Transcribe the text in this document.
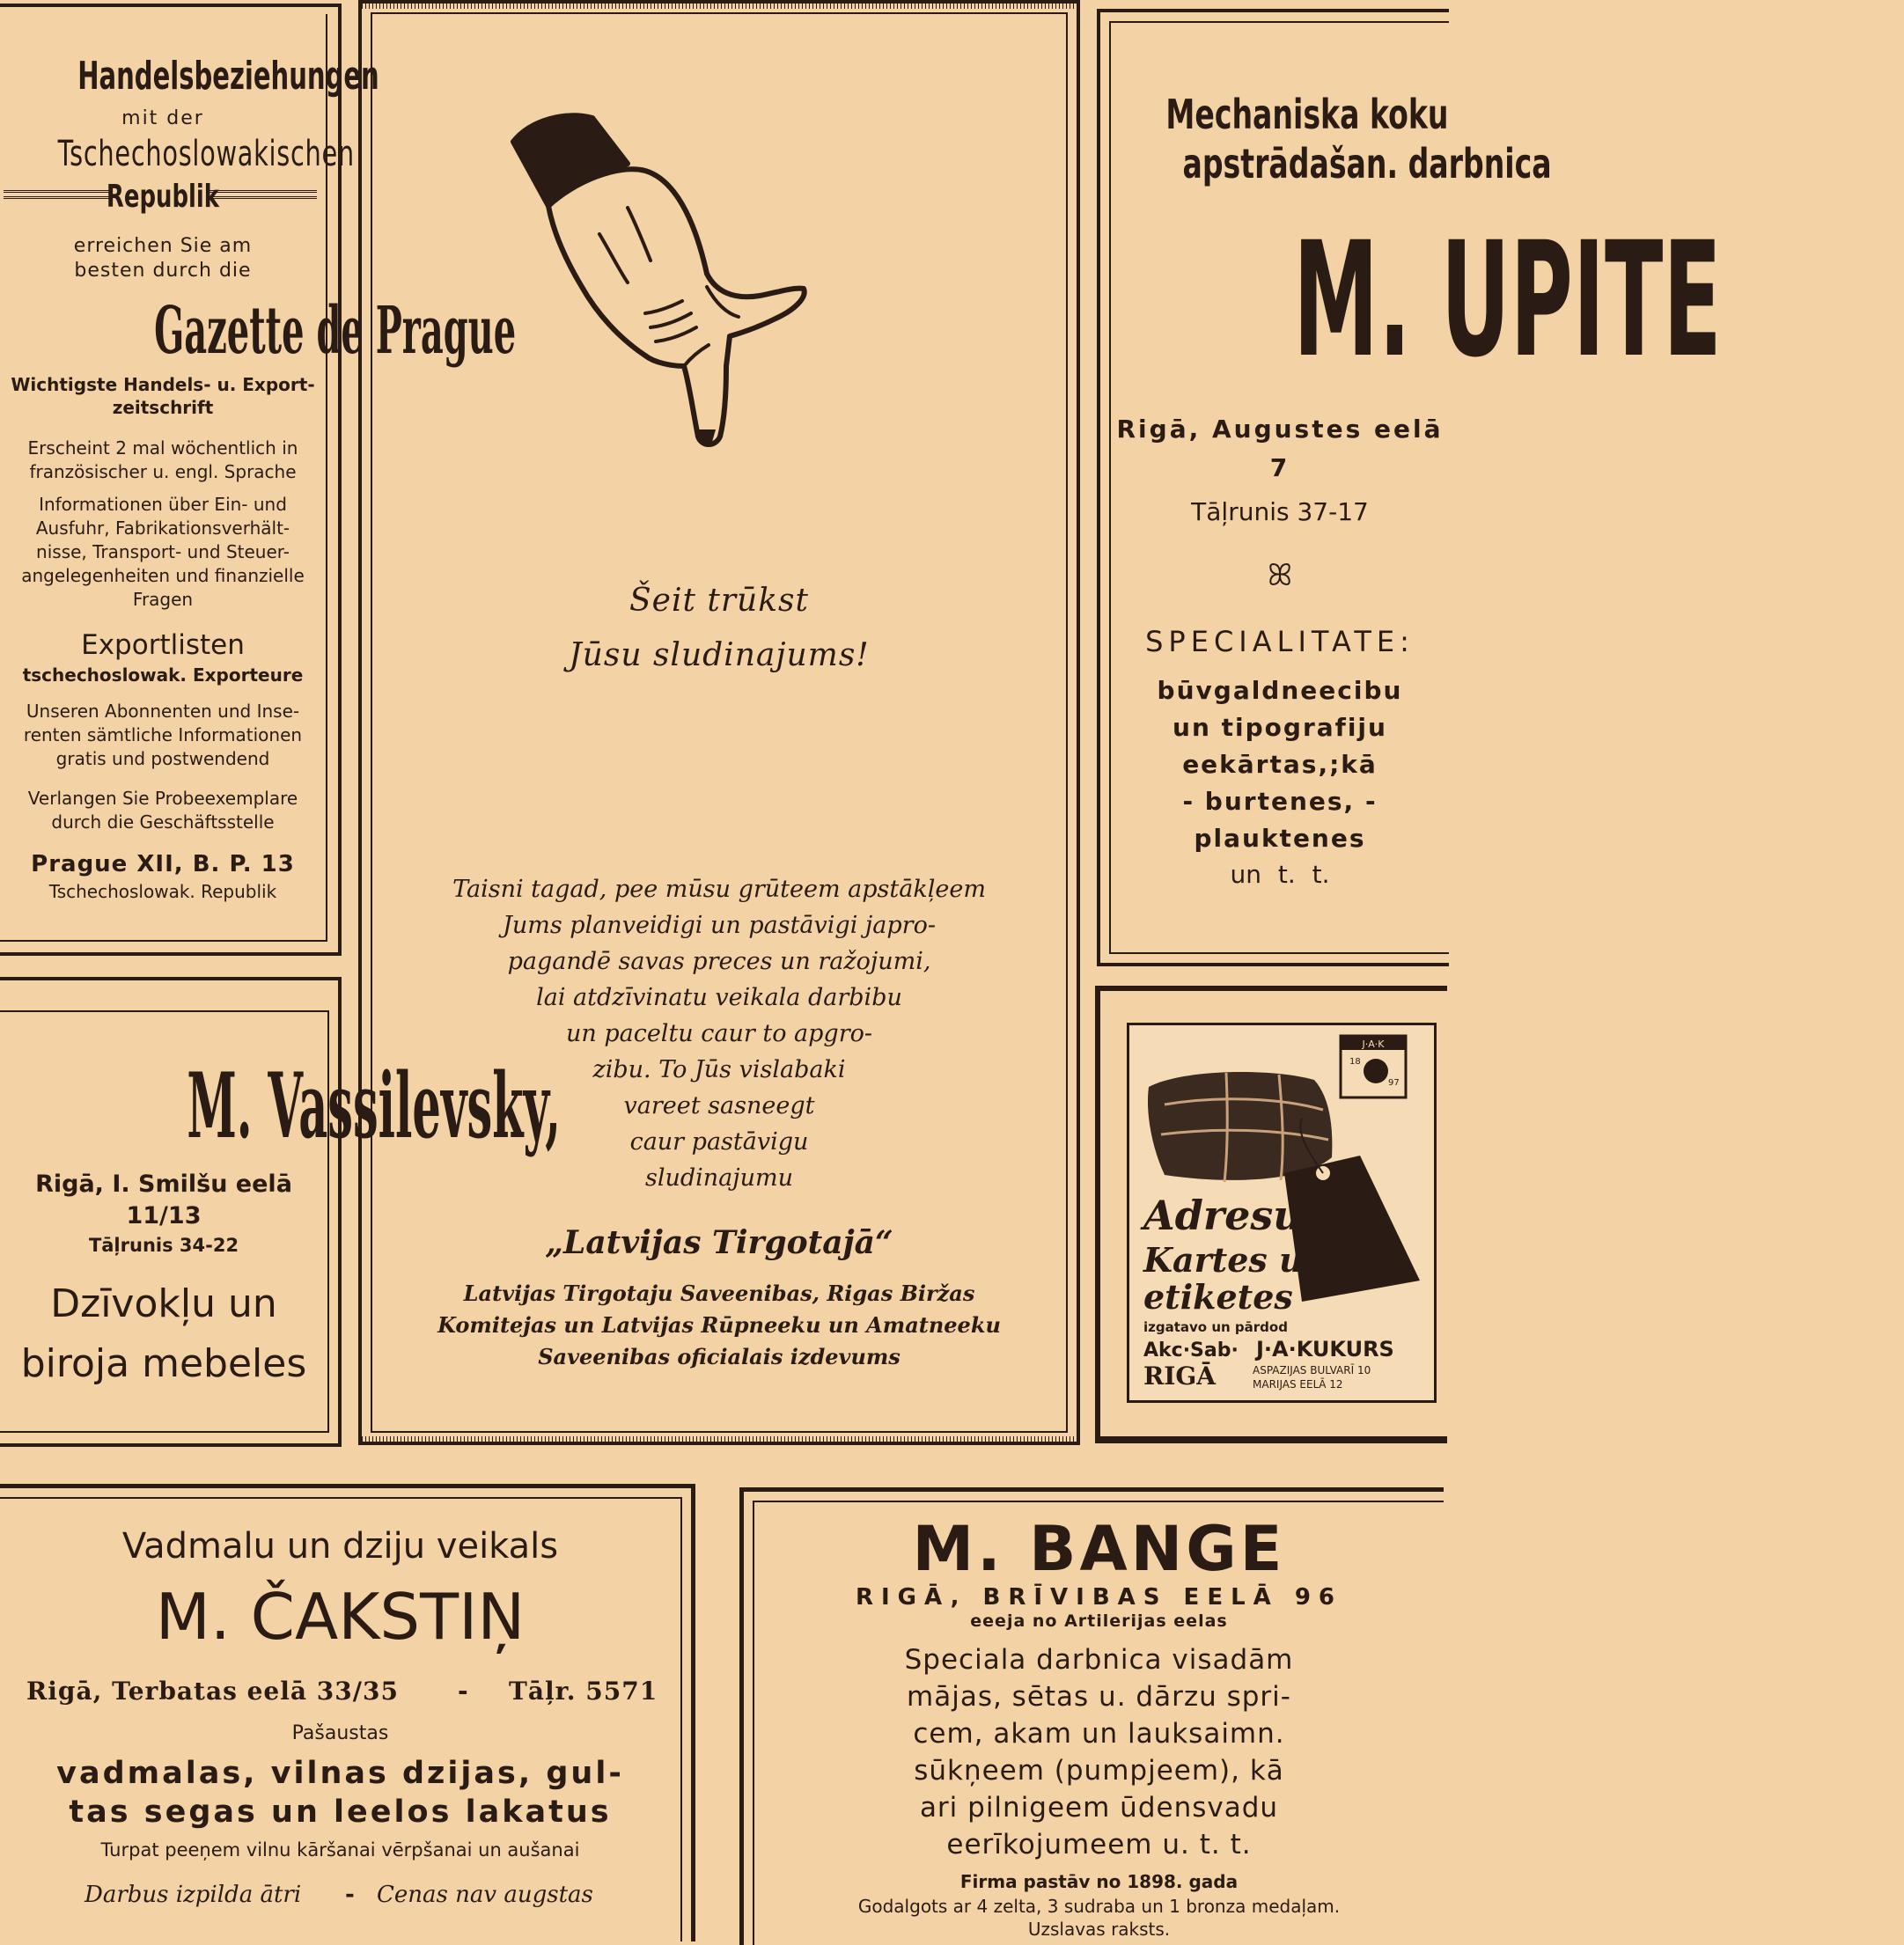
Handelsbeziehungen
mit der
Tschechoslowakischen
Republik
erreichen Sie am
besten durch die
Gazette de Prague
Wichtigste Handels- u. Export-
zeitschrift
Erscheint 2 mal wöchentlich in
französischer u. engl. Sprache
Informationen über Ein- und
Ausfuhr, Fabrikationsverhält-
nisse, Transport- und Steuer-
angelegenheiten und finanzielle
Fragen
Exportlisten
tschechoslowak. Exporteure
Unseren Abonnenten und Inse-
renten sämtliche Informationen
gratis und postwendend
Verlangen Sie Probeexemplare
durch die Geschäftsstelle
Prague XII, B. P. 13
Tschechoslowak. Republik
M. Vassilevsky,
Rigā, I. Smilšu eelā 11/13
Tāļrunis 34-22
Dzīvokļu un
biroja mebeles
Šeit trūkst
Jūsu sludinajums!
Taisni tagad, pee mūsu grūteem apstākļeem
Jums planveidigi un pastāvigi japro-
pagandē savas preces un ražojumi,
lai atdzīvinatu veikala darbibu
un paceltu caur to apgro-
zibu. To Jūs vislabaki
vareet sasneegt
caur pastāvigu
sludinajumu
„Latvijas Tirgotajā“
Latvijas Tirgotaju Saveenibas, Rigas Biržas
Komitejas un Latvijas Rūpneeku un Amatneeku
Saveenibas oficialais izdevums
Mechaniska koku
apstrādašan. darbnica
M. UPITE
Rigā, Augustes eelā 7
Tāļrunis 37-17
ꕤ
SPECIALITATE:
būvgaldneecibu
un tipografiju
eekārtas,;kā
- burtenes, -
plauktenes
un t. t.
J·A·K
18
97
Adresu
Kartes un
etiketes
izgatavo un pārdod
Akc·Sab· J·A·KUKURS
RIGĀ	ASPAZIJAS BULVARĪ 10
MARIJAS EELĀ 12
Vadmalu un dziju veikals
M. ČAKSTIŅ
Rigā, Terbatas eelā 33/35 - Tāļr. 5571
Pašaustas
vadmalas, vilnas dzijas, gul-
tas segas un leelos lakatus
Turpat peeņem vilnu kāršanai vērpšanai un aušanai
Darbus izpilda ātri - Cenas nav augstas
M. BANGE
RIGĀ, BRĪVIBAS EELĀ 96
eeeja no Artilerijas eelas
Speciala darbnica visadām
mājas, sētas u. dārzu spri-
cem, akam un lauksaimn.
sūkņeem (pumpjeem), kā
ari pilnigeem ūdensvadu
eerīkojumeem u. t. t.
Firma pastāv no 1898. gada
Godalgots ar 4 zelta, 3 sudraba un 1 bronza medaļam.
Uzslavas raksts.
